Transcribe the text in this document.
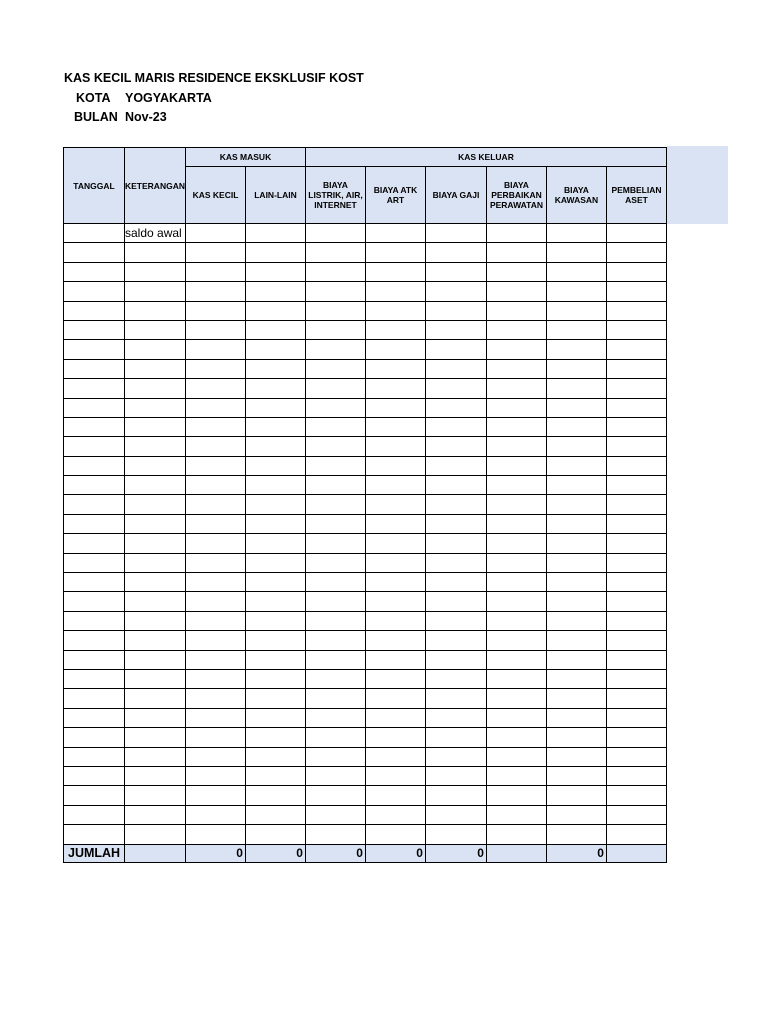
KAS KECIL MARIS RESIDENCE EKSKLUSIF KOST
KOTA YOGYAKARTA
BULAN Nov-23
TANGGAL	KETERANGAN	KAS MASUK		KAS KELUAR					
		KAS KECIL	LAIN-LAIN	BIAYA LISTRIK, AIR, INTERNET	BIAYA ATK ART	BIAYA GAJI	BIAYA PERBAIKAN PERAWATAN	BIAYA KAWASAN	PEMBELIAN ASET
	saldo awal								

JUMLAH		0	0	0	0	0		0	
